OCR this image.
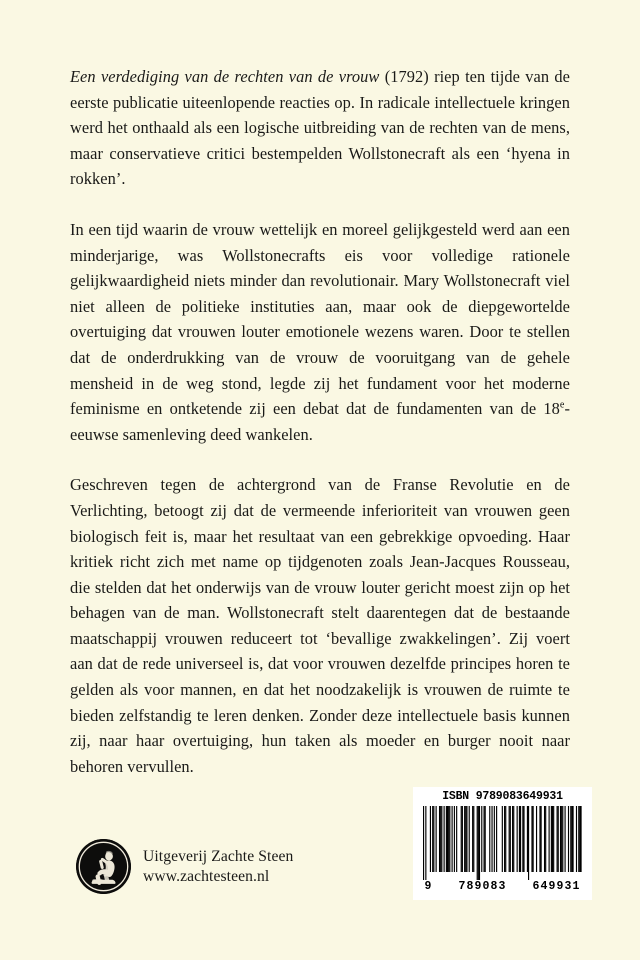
Een verdediging van de rechten van de vrouw (1792) riep ten tijde van de eerste publicatie uiteenlopende reacties op. In radicale intellectuele kringen werd het onthaald als een logische uitbreiding van de rechten van de mens, maar conservatieve critici bestempelden Wollstonecraft als een ‘hyena in rokken’.

In een tijd waarin de vrouw wettelijk en moreel gelijkgesteld werd aan een minderjarige, was Wollstonecrafts eis voor volledige rationele gelijkwaardigheid niets minder dan revolutionair. Mary Wollstonecraft viel niet alleen de politieke instituties aan, maar ook de diepgewortelde overtuiging dat vrouwen louter emotionele wezens waren. Door te stellen dat de onderdrukking van de vrouw de vooruitgang van de gehele mensheid in de weg stond, legde zij het fundament voor het moderne feminisme en ontketende zij een debat dat de fundamenten van de 18e-eeuwse samenleving deed wankelen.

Geschreven tegen de achtergrond van de Franse Revolutie en de Verlichting, betoogt zij dat de vermeende inferioriteit van vrouwen geen biologisch feit is, maar het resultaat van een gebrekkige opvoeding. Haar kritiek richt zich met name op tijdgenoten zoals Jean-Jacques Rousseau, die stelden dat het onderwijs van de vrouw louter gericht moest zijn op het behagen van de man. Wollstonecraft stelt daarentegen dat de bestaande maatschappij vrouwen reduceert tot ‘bevallige zwakkelingen’. Zij voert aan dat de rede universeel is, dat voor vrouwen dezelfde principes horen te gelden als voor mannen, en dat het noodzakelijk is vrouwen de ruimte te bieden zelfstandig te leren denken. Zonder deze intellectuele basis kunnen zij, naar haar overtuiging, hun taken als moeder en burger nooit naar behoren vervullen.

Uitgeverij Zachte Steen
www.zachtesteen.nl
ISBN 9789083649931
9 789083 649931
